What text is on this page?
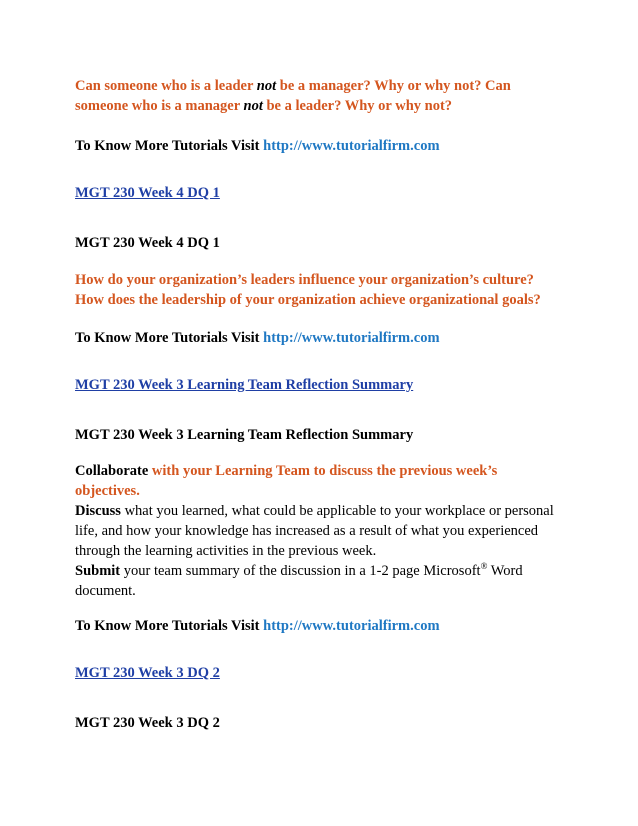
Can someone who is a leader not be a manager? Why or why not? Can
someone who is a manager not be a leader? Why or why not?
To Know More Tutorials Visit http://www.tutorialfirm.com
MGT 230 Week 4 DQ 1
MGT 230 Week 4 DQ 1
How do your organization’s leaders influence your organization’s culture?
How does the leadership of your organization achieve organizational goals?
To Know More Tutorials Visit http://www.tutorialfirm.com
MGT 230 Week 3 Learning Team Reflection Summary
MGT 230 Week 3 Learning Team Reflection Summary
Collaborate with your Learning Team to discuss the previous week’s
objectives.
Discuss what you learned, what could be applicable to your workplace or personal
life, and how your knowledge has increased as a result of what you experienced
through the learning activities in the previous week.
Submit your team summary of the discussion in a 1-2 page Microsoft® Word
document.
To Know More Tutorials Visit http://www.tutorialfirm.com
MGT 230 Week 3 DQ 2
MGT 230 Week 3 DQ 2
